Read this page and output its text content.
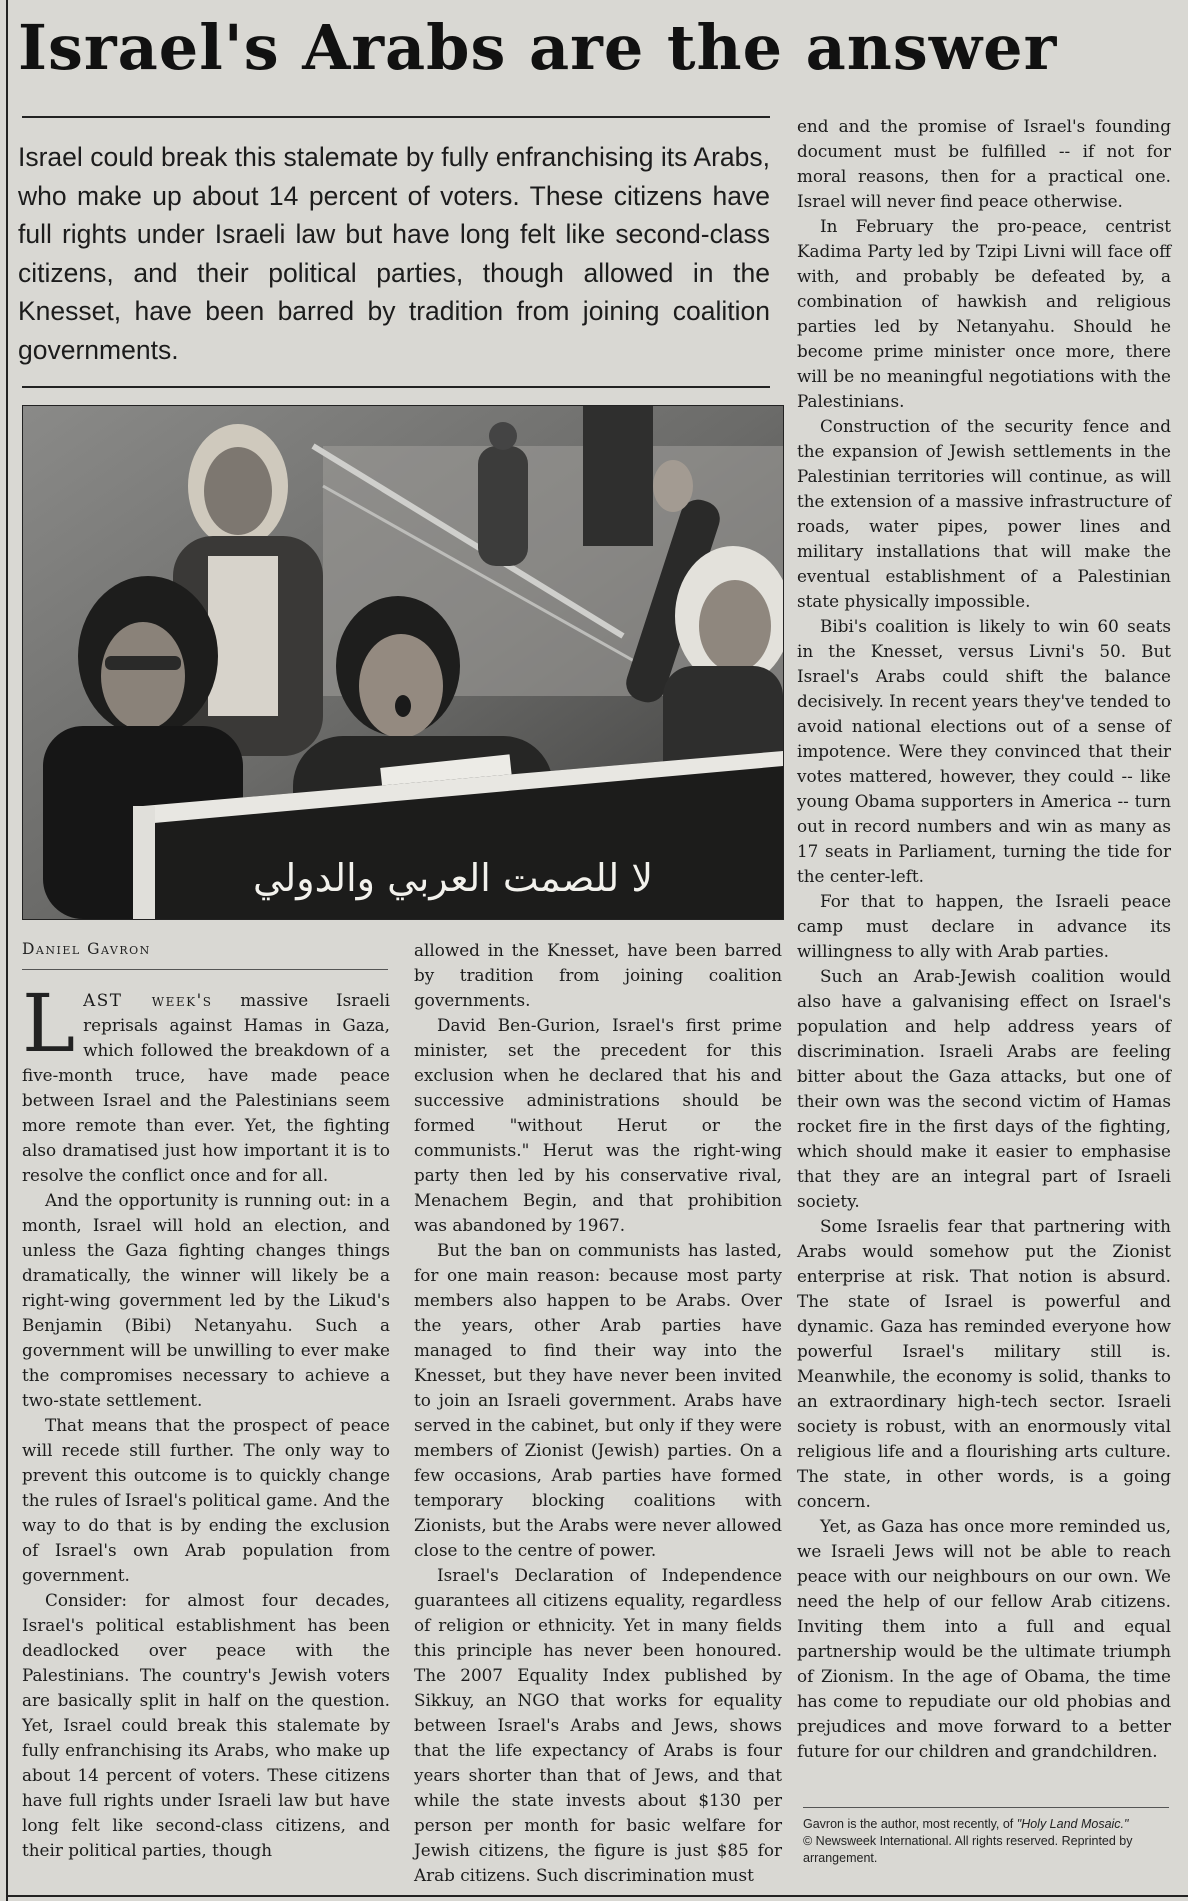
Israel's Arabs are the answer

Israel could break this stalemate by fully enfranchising its Arabs, who make up about 14 percent of voters. These citizens have full rights under Israeli law but have long felt like second-class citizens, and their political parties, though allowed in the Knesset, have been barred by tradition from joining coalition governments.

لا للصمت العربي والدولي
Daniel Gavron

LAST week's massive Israeli reprisals against Hamas in Gaza, which followed the breakdown of a five-month truce, have made peace between Israel and the Palestinians seem more remote than ever. Yet, the fighting also dramatised just how important it is to resolve the conflict once and for all.

And the opportunity is running out: in a month, Israel will hold an election, and unless the Gaza fighting changes things dramatically, the winner will likely be a right-wing government led by the Likud's Benjamin (Bibi) Netanyahu. Such a government will be unwilling to ever make the compromises necessary to achieve a two-state settlement.

That means that the prospect of peace will recede still further. The only way to prevent this outcome is to quickly change the rules of Israel's political game. And the way to do that is by ending the exclusion of Israel's own Arab population from government.

Consider: for almost four decades, Israel's political establishment has been deadlocked over peace with the Palestinians. The country's Jewish voters are basically split in half on the question. Yet, Israel could break this stalemate by fully enfranchising its Arabs, who make up about 14 percent of voters. These citizens have full rights under Israeli law but have long felt like second-class citizens, and their political parties, though

allowed in the Knesset, have been barred by tradition from joining coalition governments.

David Ben-Gurion, Israel's first prime minister, set the precedent for this exclusion when he declared that his and successive administrations should be formed "without Herut or the communists." Herut was the right-wing party then led by his conservative rival, Menachem Begin, and that prohibition was abandoned by 1967.

But the ban on communists has lasted, for one main reason: because most party members also happen to be Arabs. Over the years, other Arab parties have managed to find their way into the Knesset, but they have never been invited to join an Israeli government. Arabs have served in the cabinet, but only if they were members of Zionist (Jewish) parties. On a few occasions, Arab parties have formed temporary blocking coalitions with Zionists, but the Arabs were never allowed close to the centre of power.

Israel's Declaration of Independence guarantees all citizens equality, regardless of religion or ethnicity. Yet in many fields this principle has never been honoured. The 2007 Equality Index published by Sikkuy, an NGO that works for equality between Israel's Arabs and Jews, shows that the life expectancy of Arabs is four years shorter than that of Jews, and that while the state invests about $130 per person per month for basic welfare for Jewish citizens, the figure is just $85 for Arab citizens. Such discrimination must

end and the promise of Israel's founding document must be fulfilled -- if not for moral reasons, then for a practical one. Israel will never find peace otherwise.

In February the pro-peace, centrist Kadima Party led by Tzipi Livni will face off with, and probably be defeated by, a combination of hawkish and religious parties led by Netanyahu. Should he become prime minister once more, there will be no meaningful negotiations with the Palestinians.

Construction of the security fence and the expansion of Jewish settlements in the Palestinian territories will continue, as will the extension of a massive infrastructure of roads, water pipes, power lines and military installations that will make the eventual establishment of a Palestinian state physically impossible.

Bibi's coalition is likely to win 60 seats in the Knesset, versus Livni's 50. But Israel's Arabs could shift the balance decisively. In recent years they've tended to avoid national elections out of a sense of impotence. Were they convinced that their votes mattered, however, they could -- like young Obama supporters in America -- turn out in record numbers and win as many as 17 seats in Parliament, turning the tide for the center-left.

For that to happen, the Israeli peace camp must declare in advance its willingness to ally with Arab parties.

Such an Arab-Jewish coalition would also have a galvanising effect on Israel's population and help address years of discrimination. Israeli Arabs are feeling bitter about the Gaza attacks, but one of their own was the second victim of Hamas rocket fire in the first days of the fighting, which should make it easier to emphasise that they are an integral part of Israeli society.

Some Israelis fear that partnering with Arabs would somehow put the Zionist enterprise at risk. That notion is absurd. The state of Israel is powerful and dynamic. Gaza has reminded everyone how powerful Israel's military still is. Meanwhile, the economy is solid, thanks to an extraordinary high-tech sector. Israeli society is robust, with an enormously vital religious life and a flourishing arts culture. The state, in other words, is a going concern.

Yet, as Gaza has once more reminded us, we Israeli Jews will not be able to reach peace with our neighbours on our own. We need the help of our fellow Arab citizens. Inviting them into a full and equal partnership would be the ultimate triumph of Zionism. In the age of Obama, the time has come to repudiate our old phobias and prejudices and move forward to a better future for our children and grandchildren.

Gavron is the author, most recently, of "Holy Land Mosaic."
© Newsweek International. All rights reserved. Reprinted by arrangement.
